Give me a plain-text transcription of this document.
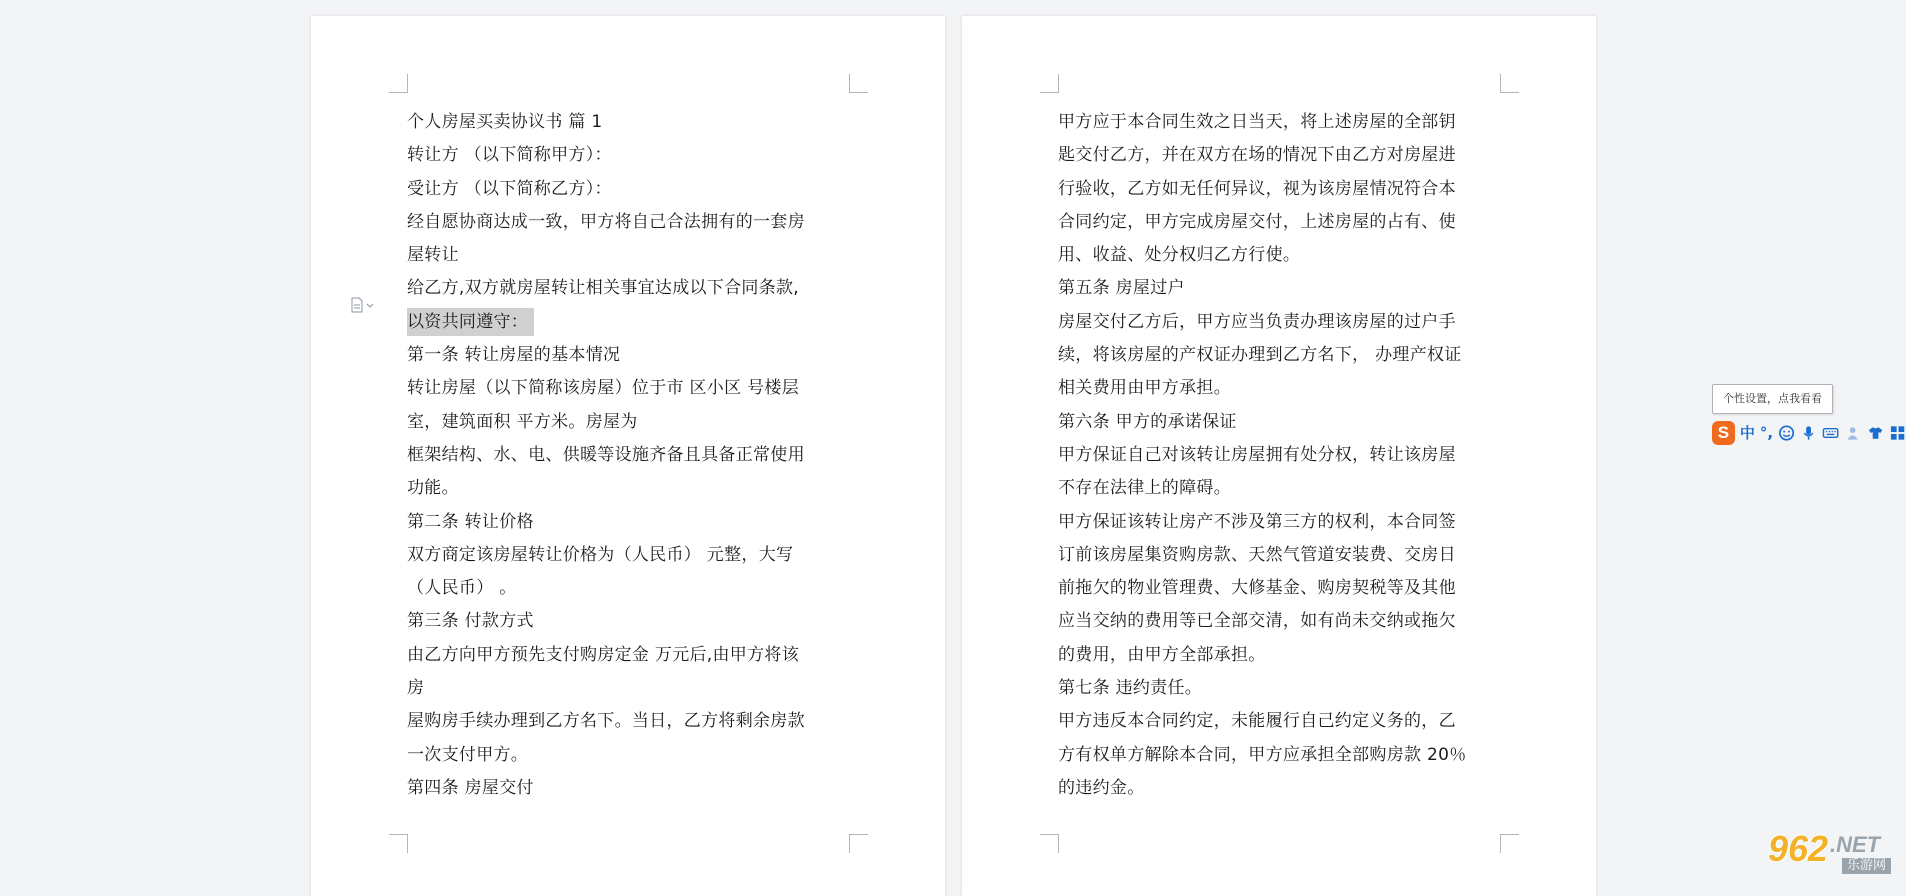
个人房屋买卖协议书 篇 1
转让方 （以下简称甲方）：
受让方 （以下简称乙方）：
经自愿协商达成一致，甲方将自己合法拥有的一套房
屋转让
给乙方,双方就房屋转让相关事宜达成以下合同条款,
以资共同遵守：
第一条 转让房屋的基本情况
转让房屋（以下简称该房屋）位于市 区小区 号楼层
室，建筑面积 平方米。房屋为
框架结构、水、电、供暖等设施齐备且具备正常使用
功能。
第二条 转让价格
双方商定该房屋转让价格为（人民币） 元整，大写
（人民币） 。
第三条 付款方式
由乙方向甲方预先支付购房定金 万元后,由甲方将该
房
屋购房手续办理到乙方名下。当日，乙方将剩余房款
一次支付甲方。
第四条 房屋交付
甲方应于本合同生效之日当天，将上述房屋的全部钥
匙交付乙方，并在双方在场的情况下由乙方对房屋进
行验收，乙方如无任何异议，视为该房屋情况符合本
合同约定，甲方完成房屋交付，上述房屋的占有、使
用、收益、处分权归乙方行使。
第五条 房屋过户
房屋交付乙方后，甲方应当负责办理该房屋的过户手
续，将该房屋的产权证办理到乙方名下， 办理产权证
相关费用由甲方承担。
第六条 甲方的承诺保证
甲方保证自己对该转让房屋拥有处分权，转让该房屋
不存在法律上的障碍。
甲方保证该转让房产不涉及第三方的权利，本合同签
订前该房屋集资购房款、天然气管道安装费、交房日
前拖欠的物业管理费、大修基金、购房契税等及其他
应当交纳的费用等已全部交清，如有尚未交纳或拖欠
的费用，由甲方全部承担。
第七条 违约责任。
甲方违反本合同约定，未能履行自己约定义务的，乙
方有权单方解除本合同，甲方应承担全部购房款 20％
的违约金。
个性设置，点我看看
S 中 °,
962 .NET
乐游网
